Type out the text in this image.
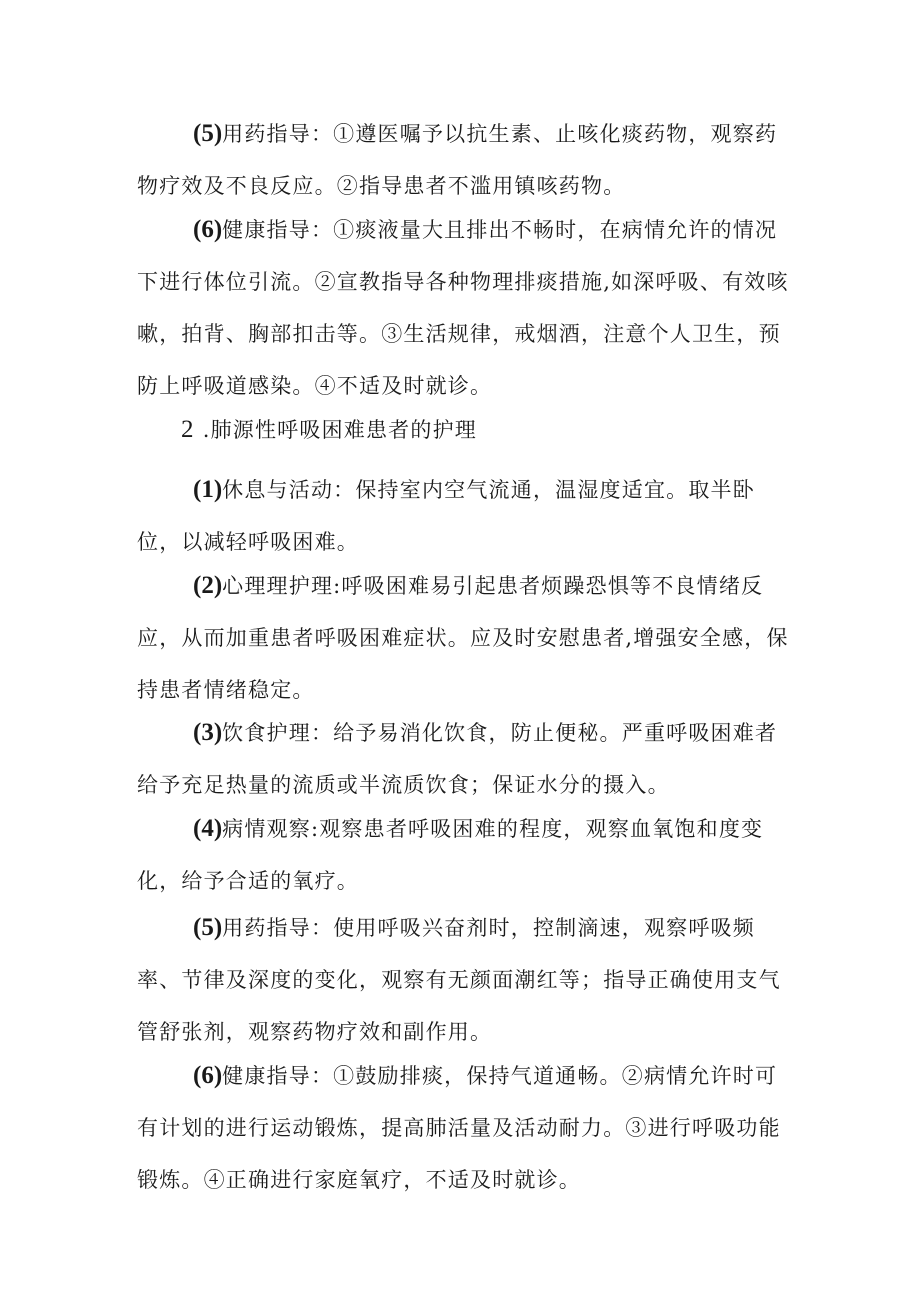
(5)用药指导：①遵医嘱予以抗生素、止咳化痰药物，观察药物疗效及不良反应。②指导患者不滥用镇咳药物。

(6)健康指导：①痰液量大且排出不畅时，在病情允许的情况下进行体位引流。②宣教指导各种物理排痰措施,如深呼吸、有效咳嗽，拍背、胸部扣击等。③生活规律，戒烟酒，注意个人卫生，预防上呼吸道感染。④不适及时就诊。

2 .肺源性呼吸困难患者的护理

(1)休息与活动：保持室内空气流通，温湿度适宜。取半卧位，以减轻呼吸困难。

(2)心理理护理:呼吸困难易引起患者烦躁恐惧等不良情绪反应，从而加重患者呼吸困难症状。应及时安慰患者,增强安全感，保持患者情绪稳定。

(3)饮食护理：给予易消化饮食，防止便秘。严重呼吸困难者给予充足热量的流质或半流质饮食；保证水分的摄入。

(4)病情观察:观察患者呼吸困难的程度，观察血氧饱和度变化，给予合适的氧疗。

(5)用药指导：使用呼吸兴奋剂时，控制滴速，观察呼吸频率、节律及深度的变化，观察有无颜面潮红等；指导正确使用支气管舒张剂，观察药物疗效和副作用。

(6)健康指导：①鼓励排痰，保持气道通畅。②病情允许时可有计划的进行运动锻炼，提高肺活量及活动耐力。③进行呼吸功能锻炼。④正确进行家庭氧疗，不适及时就诊。
